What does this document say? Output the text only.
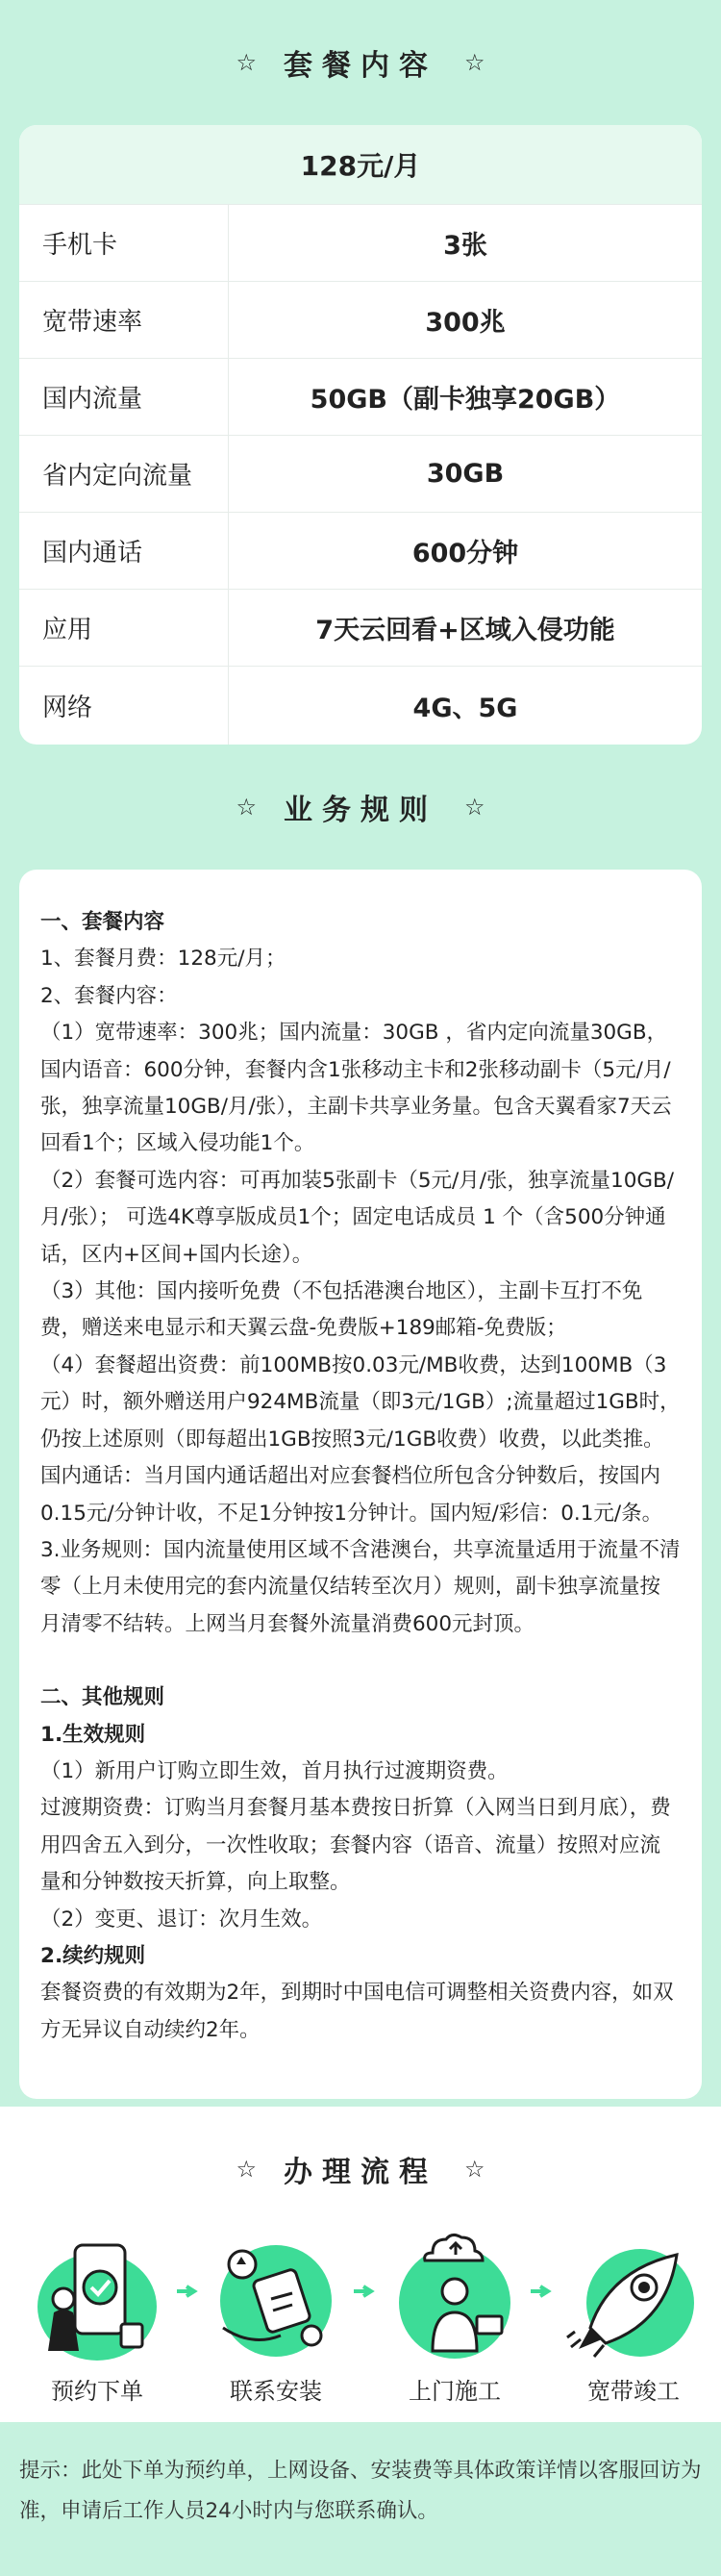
☆ 套餐内容 ☆
128元/月
手机卡	3张
宽带速率	300兆
国内流量	50GB（副卡独享20GB）
省内定向流量	30GB
国内通话	600分钟
应用	7天云回看+区域入侵功能
网络	4G、5G
☆ 业务规则 ☆

一、套餐内容

1、套餐月费：128元/月；

2、套餐内容：

（1）宽带速率：300兆；国内流量：30GB ，省内定向流量30GB，国内语音：600分钟，套餐内含1张移动主卡和2张移动副卡（5元/月/张，独享流量10GB/月/张），主副卡共享业务量。包含天翼看家7天云回看1个；区域入侵功能1个。

（2）套餐可选内容：可再加装5张副卡（5元/月/张，独享流量10GB/月/张）； 可选4K尊享版成员1个；固定电话成员 1 个（含500分钟通话，区内+区间+国内长途）。

（3）其他：国内接听免费（不包括港澳台地区），主副卡互打不免费，赠送来电显示和天翼云盘-免费版+189邮箱-免费版；

（4）套餐超出资费：前100MB按0.03元/MB收费，达到100MB（3元）时，额外赠送用户924MB流量（即3元/1GB）;流量超过1GB时，仍按上述原则（即每超出1GB按照3元/1GB收费）收费，以此类推。国内通话：当月国内通话超出对应套餐档位所包含分钟数后，按国内0.15元/分钟计收，不足1分钟按1分钟计。国内短/彩信：0.1元/条。

3.业务规则：国内流量使用区域不含港澳台，共享流量适用于流量不清零（上月未使用完的套内流量仅结转至次月）规则，副卡独享流量按月清零不结转。上网当月套餐外流量消费600元封顶。

二、其他规则

1.生效规则

（1）新用户订购立即生效，首月执行过渡期资费。

过渡期资费：订购当月套餐月基本费按日折算（入网当日到月底），费用四舍五入到分，一次性收取；套餐内容（语音、流量）按照对应流量和分钟数按天折算，向上取整。

（2）变更、退订：次月生效。

2.续约规则

套餐资费的有效期为2年，到期时中国电信可调整相关资费内容，如双方无异议自动续约2年。

☆ 办理流程 ☆
预约下单	联系安装	上门施工	宽带竣工
提示：此处下单为预约单，上网设备、安装费等具体政策详情以客服回访为准，申请后工作人员24小时内与您联系确认。
